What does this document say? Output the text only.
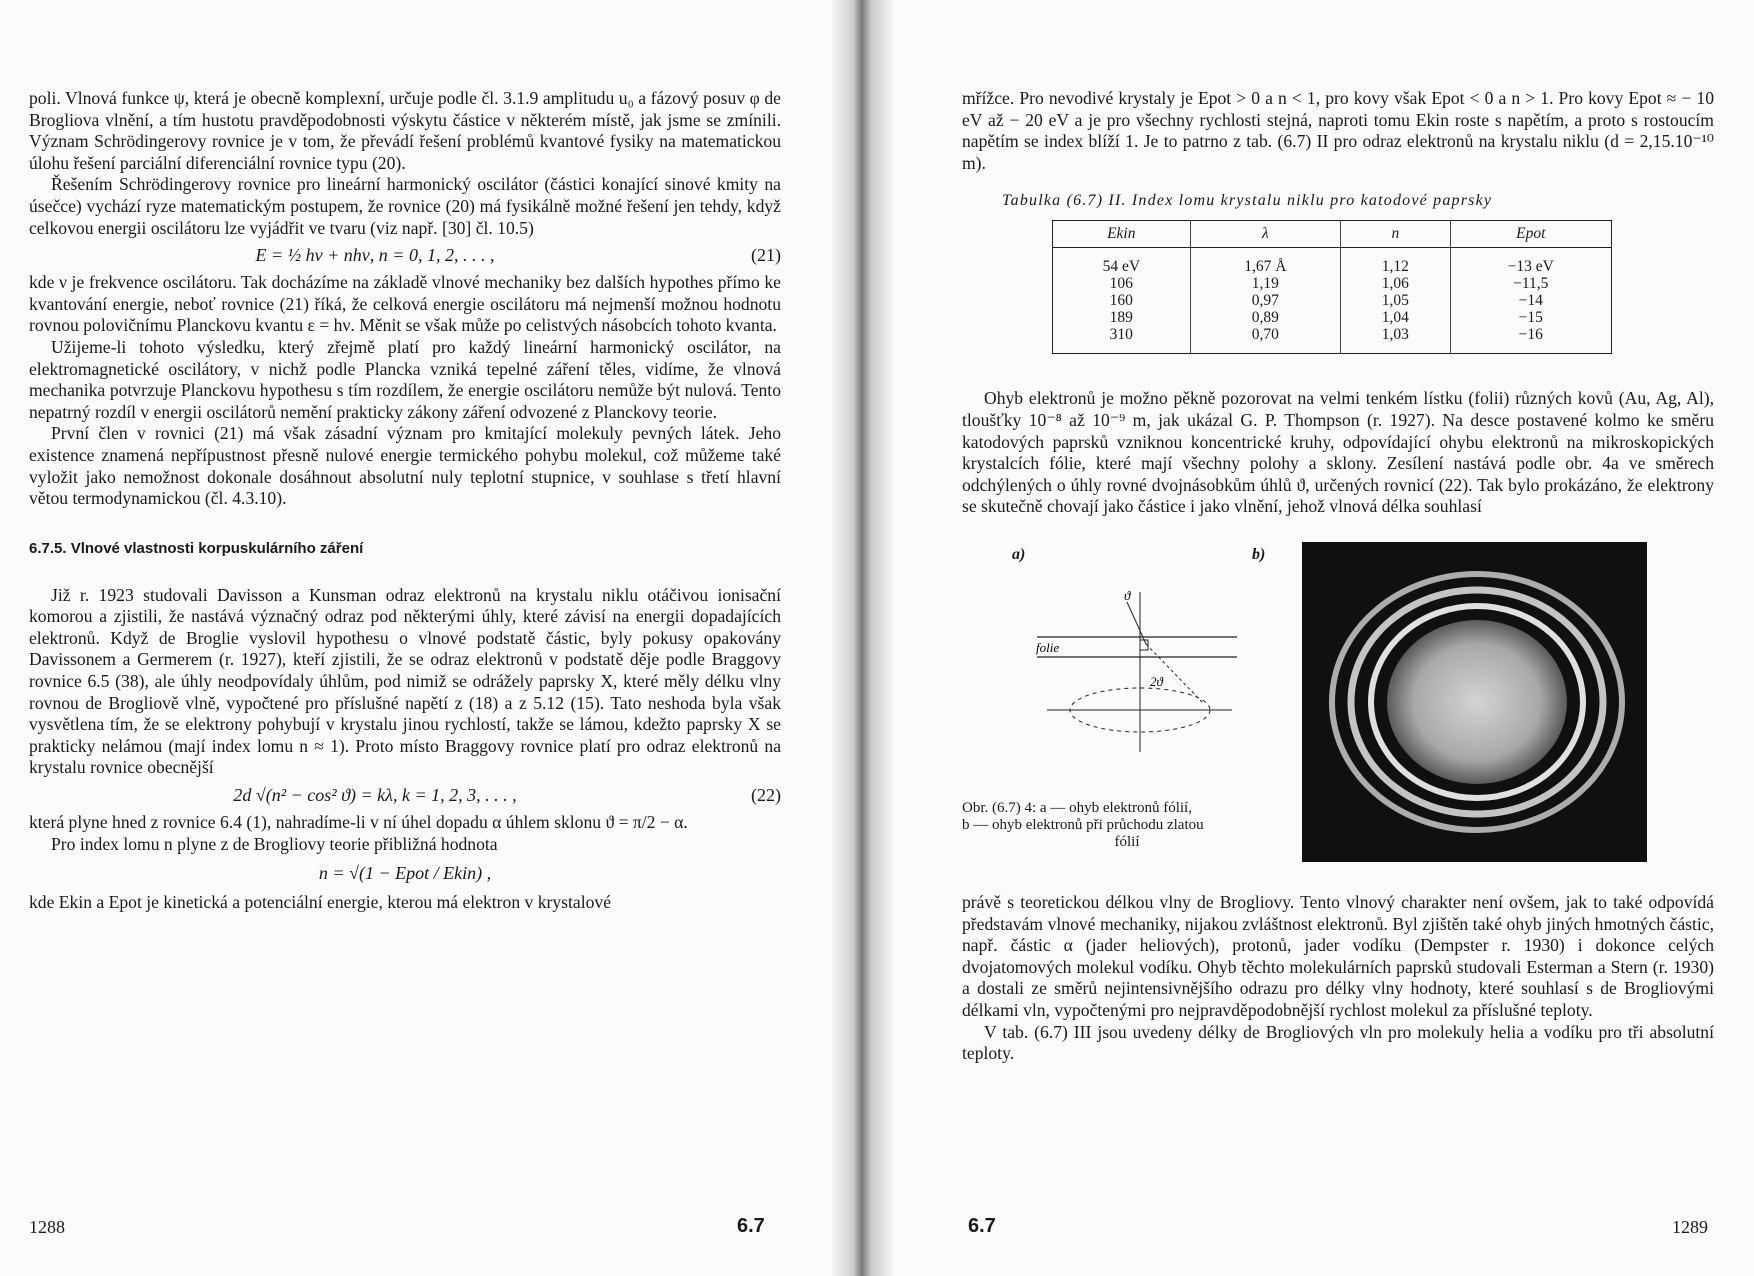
poli. Vlnová funkce ψ, která je obecně komplexní, určuje podle čl. 3.1.9 amplitudu u₀ a fázový posuv φ de Brogliova vlnění, a tím hustotu pravděpodobnosti výskytu částice v některém místě, jak jsme se zmínili. Význam Schrödingerovy rovnice je v tom, že převádí řešení problémů kvantové fysiky na matematickou úlohu řešení parciální diferenciální rovnice typu (20).

Řešením Schrödingerovy rovnice pro lineární harmonický oscilátor (částici konající sinové kmity na úsečce) vychází ryze matematickým postupem, že rovnice (20) má fysikálně možné řešení jen tehdy, když celkovou energii oscilátoru lze vyjádřit ve tvaru (viz např. [30] čl. 10.5)

E = ½ hν + nhν, n = 0, 1, 2, . . . ,	(21)

kde ν je frekvence oscilátoru. Tak docházíme na základě vlnové mechaniky bez dalších hypothes přímo ke kvantování energie, neboť rovnice (21) říká, že celková energie oscilátoru má nejmenší možnou hodnotu rovnou polovičnímu Planckovu kvantu ε = hν. Měnit se však může po celistvých násobcích tohoto kvanta.

Užijeme-li tohoto výsledku, který zřejmě platí pro každý lineární harmonický oscilátor, na elektromagnetické oscilátory, v nichž podle Plancka vzniká tepelné záření těles, vidíme, že vlnová mechanika potvrzuje Planckovu hypothesu s tím rozdílem, že energie oscilátoru nemůže být nulová. Tento nepatrný rozdíl v energii oscilátorů nemění prakticky zákony záření odvozené z Planckovy teorie.

První člen v rovnici (21) má však zásadní význam pro kmitající molekuly pevných látek. Jeho existence znamená nepřípustnost přesně nulové energie termického pohybu molekul, což můžeme také vyložit jako nemožnost dokonale dosáhnout absolutní nuly teplotní stupnice, v souhlase s třetí hlavní větou termodynamickou (čl. 4.3.10).

6.7.5. Vlnové vlastnosti korpuskulárního záření

Již r. 1923 studovali Davisson a Kunsman odraz elektronů na krystalu niklu otáčivou ionisační komorou a zjistili, že nastává význačný odraz pod některými úhly, které závisí na energii dopadajících elektronů. Když de Broglie vyslovil hypothesu o vlnové podstatě částic, byly pokusy opakovány Davissonem a Germerem (r. 1927), kteří zjistili, že se odraz elektronů v podstatě děje podle Braggovy rovnice 6.5 (38), ale úhly neodpovídaly úhlům, pod nimiž se odrážely paprsky X, které měly délku vlny rovnou de Brogliově vlně, vypočtené pro příslušné napětí z (18) a z 5.12 (15). Tato neshoda byla však vysvětlena tím, že se elektrony pohybují v krystalu jinou rychlostí, takže se lámou, kdežto paprsky X se prakticky nelámou (mají index lomu n ≈ 1). Proto místo Braggovy rovnice platí pro odraz elektronů na krystalu rovnice obecnější

2d √(n² − cos² ϑ) = kλ, k = 1, 2, 3, . . . ,	(22)

která plyne hned z rovnice 6.4 (1), nahradíme-li v ní úhel dopadu α úhlem sklonu ϑ = π/2 − α.

Pro index lomu n plyne z de Brogliovy teorie přibližná hodnota

n = √(1 − Epot / Ekin) ,

kde Ekin a Epot je kinetická a potenciální energie, kterou má elektron v krystalové

1288	6.7

mřížce. Pro nevodivé krystaly je Epot > 0 a n < 1, pro kovy však Epot < 0 a n > 1. Pro kovy Epot ≈ − 10 eV až − 20 eV a je pro všechny rychlosti stejná, naproti tomu Ekin roste s napětím, a proto s rostoucím napětím se index blíží 1. Je to patrno z tab. (6.7) II pro odraz elektronů na krystalu niklu (d = 2,15.10⁻¹⁰ m).

Tabulka (6.7) II. Index lomu krystalu niklu pro katodové paprsky
Ekin	λ	n	Epot
54 eV	1,67 Å	1,12	−13 eV
106	1,19	1,06	−11,5
160	0,97	1,05	−14
189	0,89	1,04	−15
310	0,70	1,03	−16

Ohyb elektronů je možno pěkně pozorovat na velmi tenkém lístku (folii) různých kovů (Au, Ag, Al), tloušťky 10⁻⁸ až 10⁻⁹ m, jak ukázal G. P. Thompson (r. 1927). Na desce postavené kolmo ke směru katodových paprsků vzniknou koncentrické kruhy, odpovídající ohybu elektronů na mikroskopických krystalcích fólie, které mají všechny polohy a sklony. Zesílení nastává podle obr. 4a ve směrech odchýlených o úhly rovné dvojnásobkům úhlů ϑ, určených rovnicí (22). Tak bylo prokázáno, že elektrony se skutečně chovají jako částice i jako vlnění, jehož vlnová délka souhlasí

a)	b)
folie
ϑ
2ϑ
Obr. (6.7) 4: a — ohyb elektronů fólií,
b — ohyb elektronů při průchodu zlatou

fólií

právě s teoretickou délkou vlny de Brogliovy. Tento vlnový charakter není ovšem, jak to také odpovídá představám vlnové mechaniky, nijakou zvláštnost elektronů. Byl zjištěn také ohyb jiných hmotných částic, např. částic α (jader heliových), protonů, jader vodíku (Dempster r. 1930) i dokonce celých dvojatomových molekul vodíku. Ohyb těchto molekulárních paprsků studovali Esterman a Stern (r. 1930) a dostali ze směrů nejintensivnějšího odrazu pro délky vlny hodnoty, které souhlasí s de Brogliovými délkami vln, vypočtenými pro nejpravděpodobnější rychlost molekul za příslušné teploty.

V tab. (6.7) III jsou uvedeny délky de Brogliových vln pro molekuly helia a vodíku pro tři absolutní teploty.

6.7	1289
